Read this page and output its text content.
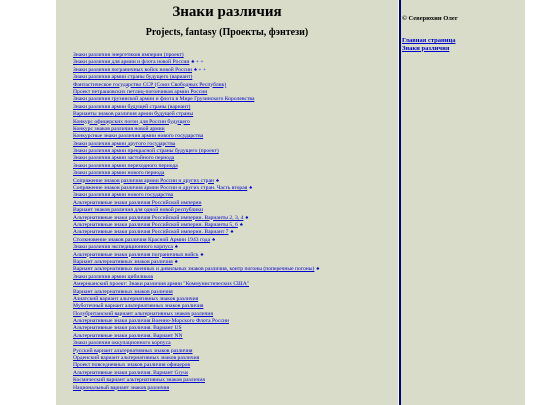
Знаки различия
Projects, fantasy (Проекты, фэнтези)
Знаки различия энергетиков империи (проект)
Знаки различия для армии и флота новой России ♠ + +
Знаки различия пограничных войск новой России ♠ + +
Знаки различия армии страны будущего (вариант)
Фантастическое государство ССР (Союз Свободных Республик)
Проект петрашовских петлиц-погончиков армии России
Знаки различия грузинской армии и флота в Мире Грузинского Королевства
Знаки различия армии будущей страны (вариант)
Варианты знаков различия армии будущей страны
Конкурс офицерских погон для России будущего
Конкурс знаков различия новой армии
Конкурсные знаки различия армии нового государства
Знаки различия армии другого государства
Знаки различия армии прекрасной страны будущего (проект)
Знаки различия армии застойного периода
Знаки различия армии переходного периода
Знаки различия армии нового периода
Сопряжение знаков различия армии России и других стран ♠
Сопряжение знаков различия армии России и других стран. Часть вторая ♠
Знаки различия армии нового государства
Альтернативные знаки различия Российской империи
Вариант знаков различия для одной новой республики
Альтернативные знаки различия Российской империи. Варианты 2, 3, 4 ♠
Альтернативные знаки различия Российской империи. Варианты 5, 6 ♠
Альтернативные знаки различия Российской империи. Вариант 7 ♠
Столкновение знаков различия Красной Армии 1943 года ♠
Знаки различия экспедиционного корпуса ♠
Альтернативные знаки различия пограничных войск ♠
Вариант альтернативных знаков различия ♠
Вариант альтернативных военных и дивильных знаков различия, контр погоны (поперечные погоны) ♠
Знаки различия армии цибиликов
Американский проект: Знаки различия армии "Коммунистических США"
Вариант альтернативных знаков различия
Азиатский вариант альтернативных знаков различия
Муботечный вариант альтернативных знаков различия
Полубританский вариант альтернативных знаков различия
Альтернативные знаки различия Военно-Морского Флота России
Альтернативные знаки различия. Вариант US
Альтернативные знаки различия. Вариант NN
Знаки различия оккупационного корпуса
Русский вариант альтернативных знаков различия
Орденский вариант альтернативных знаков различия
Проект повседневных знаков различия офицеров
Альтернативные знаки различия. Вариант Gryus
Космический вариант альтернативных знаков различия
Национальный вариант знаков различия
© Северюхин Олег
Главная страница
Знаки различия
